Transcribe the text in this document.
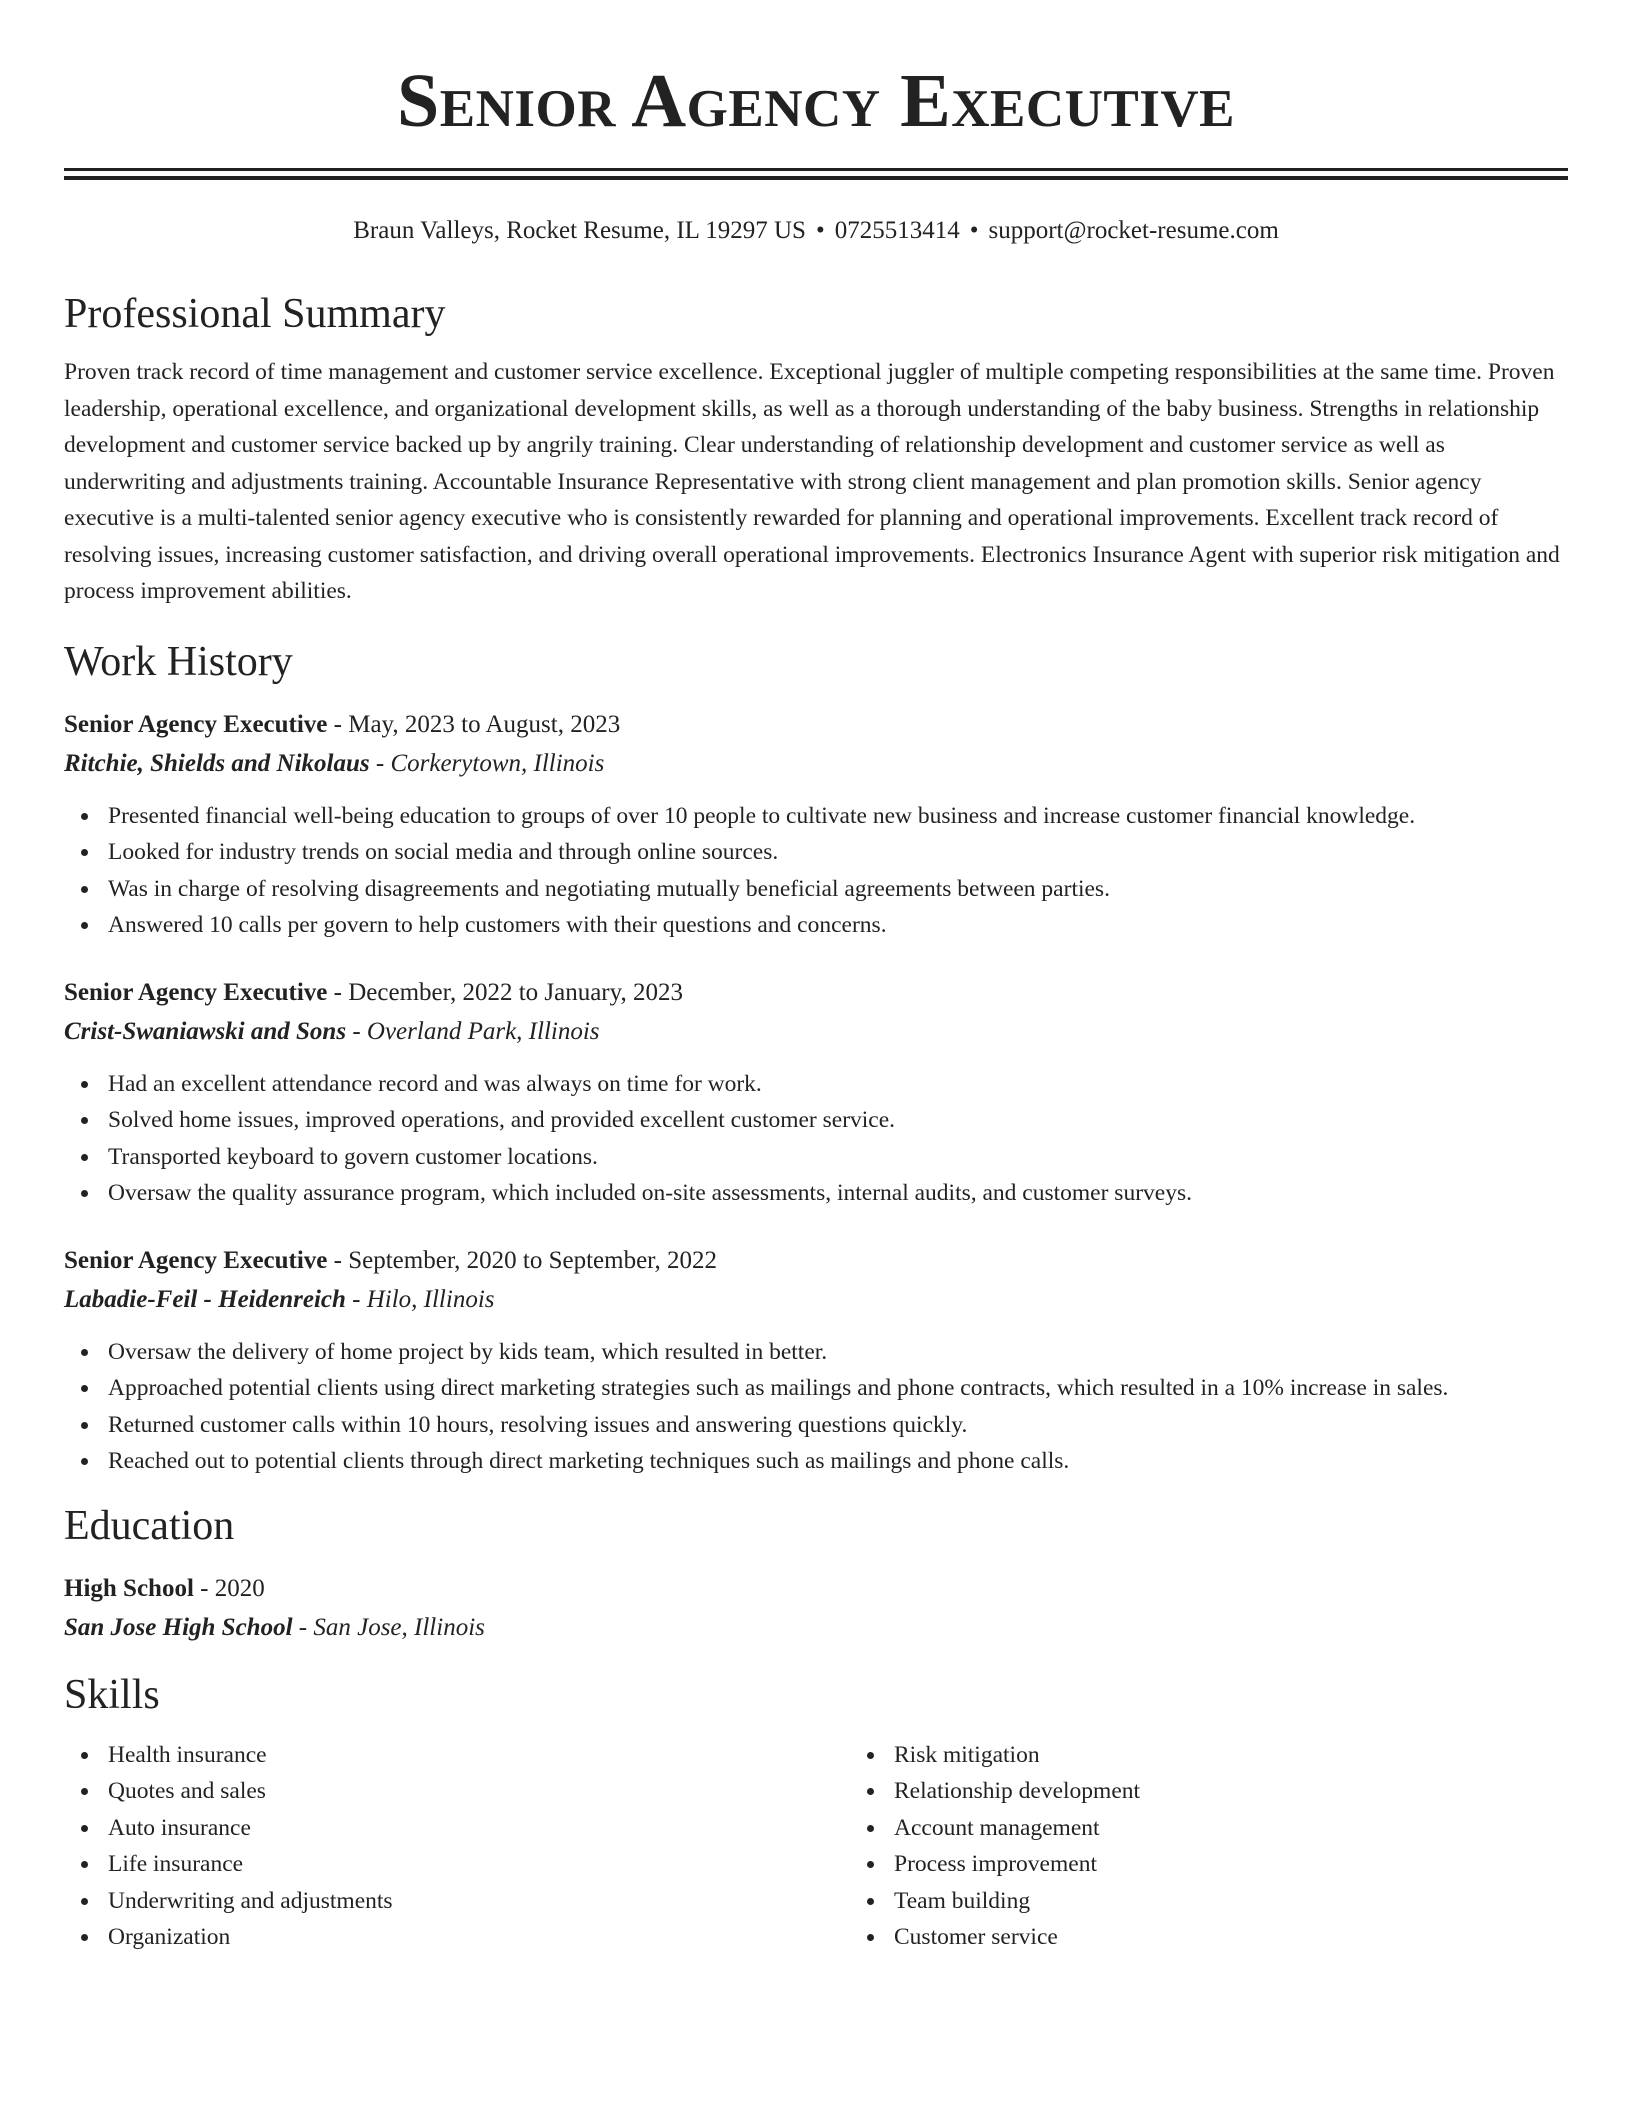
Senior Agency Executive
Braun Valleys, Rocket Resume, IL 19297 US • 0725513414 • support@rocket-resume.com
Professional Summary

Proven track record of time management and customer service excellence. Exceptional juggler of multiple competing responsibilities at the same time. Proven leadership, operational excellence, and organizational development skills, as well as a thorough understanding of the baby business. Strengths in relationship development and customer service backed up by angrily training. Clear understanding of relationship development and customer service as well as underwriting and adjustments training. Accountable Insurance Representative with strong client management and plan promotion skills. Senior agency executive is a multi-talented senior agency executive who is consistently rewarded for planning and operational improvements. Excellent track record of resolving issues, increasing customer satisfaction, and driving overall operational improvements. Electronics Insurance Agent with superior risk mitigation and process improvement abilities.

Work History

Senior Agency Executive - May, 2023 to August, 2023

Ritchie, Shields and Nikolaus - Corkerytown, Illinois

Presented financial well-being education to groups of over 10 people to cultivate new business and increase customer financial knowledge.
Looked for industry trends on social media and through online sources.
Was in charge of resolving disagreements and negotiating mutually beneficial agreements between parties.
Answered 10 calls per govern to help customers with their questions and concerns.

Senior Agency Executive - December, 2022 to January, 2023

Crist-Swaniawski and Sons - Overland Park, Illinois

Had an excellent attendance record and was always on time for work.
Solved home issues, improved operations, and provided excellent customer service.
Transported keyboard to govern customer locations.
Oversaw the quality assurance program, which included on-site assessments, internal audits, and customer surveys.

Senior Agency Executive - September, 2020 to September, 2022

Labadie-Feil - Heidenreich - Hilo, Illinois

Oversaw the delivery of home project by kids team, which resulted in better.
Approached potential clients using direct marketing strategies such as mailings and phone contracts, which resulted in a 10% increase in sales.
Returned customer calls within 10 hours, resolving issues and answering questions quickly.
Reached out to potential clients through direct marketing techniques such as mailings and phone calls.
Education

High School - 2020

San Jose High School - San Jose, Illinois

Skills
Health insurance
Quotes and sales
Auto insurance
Life insurance
Underwriting and adjustments
Organization
Risk mitigation
Relationship development
Account management
Process improvement
Team building
Customer service
